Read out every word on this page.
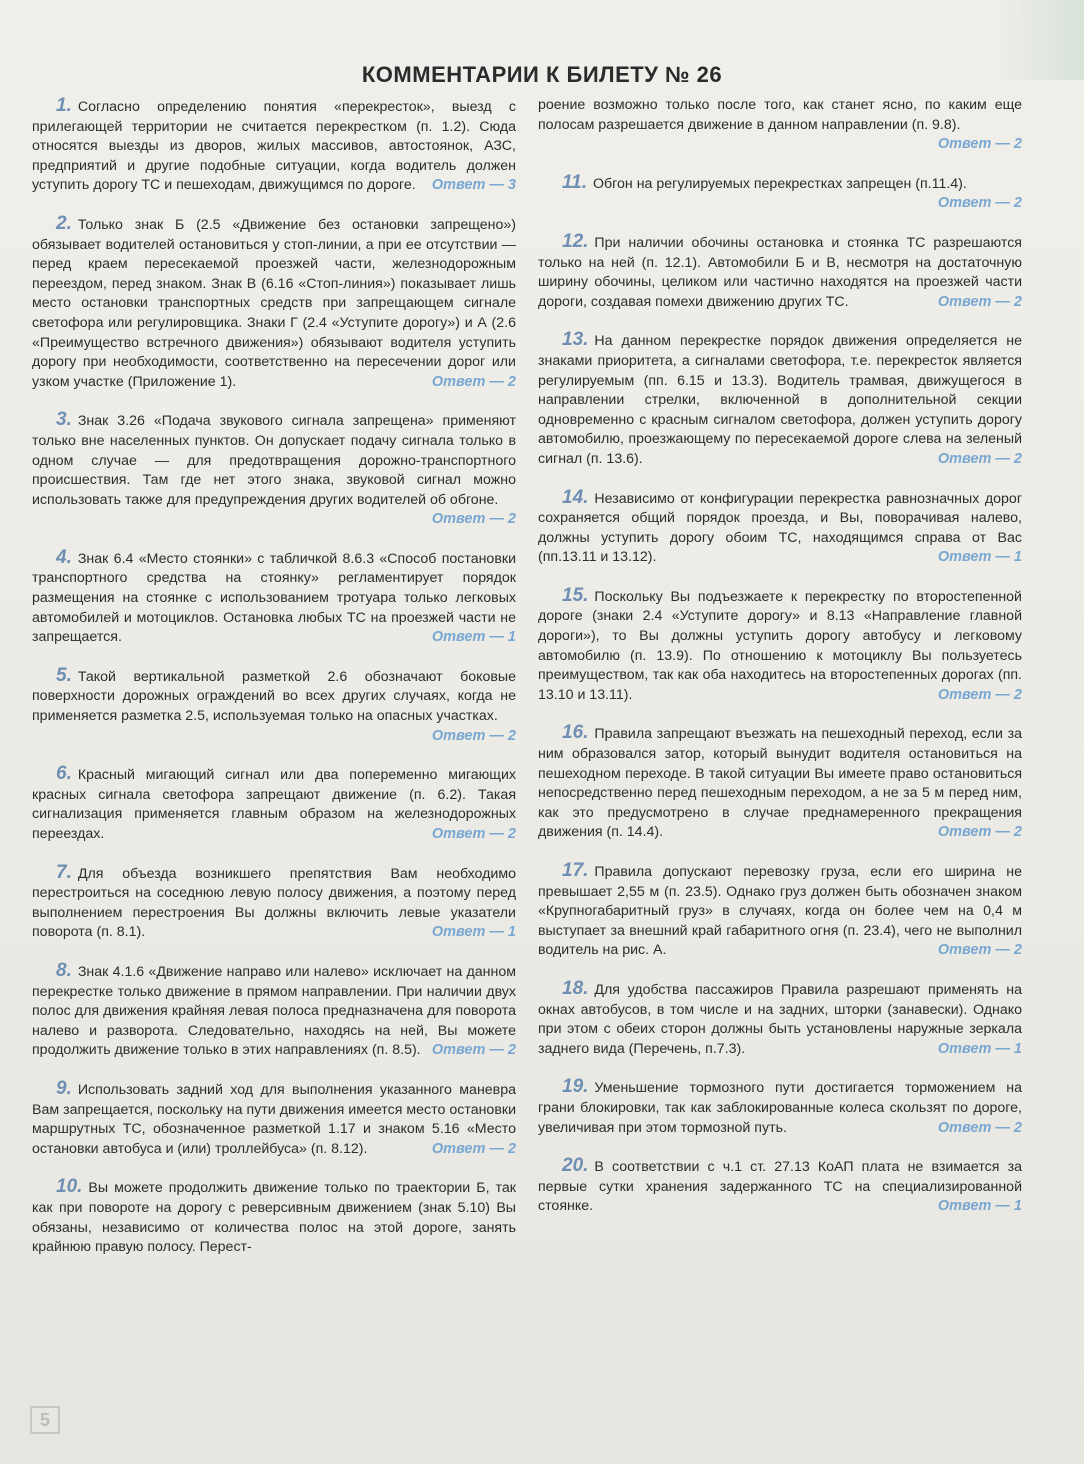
КОММЕНТАРИИ К БИЛЕТУ № 26
1. Согласно определению понятия «перекресток», выезд с прилегающей территории не считается перекрестком (п. 1.2). Сюда относятся выезды из дворов, жилых массивов, автостоянок, АЗС, предприятий и другие подобные ситуации, когда водитель должен уступить дорогу ТС и пешеходам, движущимся по дороге. Ответ — 3
2. Только знак Б (2.5 «Движение без остановки запрещено») обязывает водителей остановиться у стоп-линии, а при ее отсутствии — перед краем пересекаемой проезжей части, железнодорожным переездом, перед знаком. Знак В (6.16 «Стоп-линия») показывает лишь место остановки транспортных средств при запрещающем сигнале светофора или регулировщика. Знаки Г (2.4 «Уступите дорогу») и А (2.6 «Преимущество встречного движения») обязывают водителя уступить дорогу при необходимости, соответственно на пересечении дорог или узком участке (Приложение 1).	Ответ — 2
3. Знак 3.26 «Подача звукового сигнала запрещена» применяют только вне населенных пунктов. Он допускает подачу сигнала только в одном случае — для предотвращения дорожно-транспортного происшествия. Там где нет этого знака, звуковой сигнал можно использовать также для предупреждения других водителей об обгоне.
Ответ — 2
4. Знак 6.4 «Место стоянки» с табличкой 8.6.3 «Способ постановки транспортного средства на стоянку» регламентирует порядок размещения на стоянке с использованием тротуара только легковых автомобилей и мотоциклов. Остановка любых ТС на проезжей части не запрещается.	Ответ — 1
5. Такой вертикальной разметкой 2.6 обозначают боковые поверхности дорожных ограждений во всех других случаях, когда не применяется разметка 2.5, используемая только на опасных участках.
Ответ — 2
6. Красный мигающий сигнал или два попеременно мигающих красных сигнала светофора запрещают движение (п. 6.2). Такая сигнализация применяется главным образом на железнодорожных переездах.	Ответ — 2
7. Для объезда возникшего препятствия Вам необходимо перестроиться на соседнюю левую полосу движения, а поэтому перед выполнением перестроения Вы должны включить левые указатели поворота (п. 8.1).	Ответ — 1
8. Знак 4.1.6 «Движение направо или налево» исключает на данном перекрестке только движение в прямом направлении. При наличии двух полос для движения крайняя левая полоса предназначена для поворота налево и разворота. Следовательно, находясь на ней, Вы можете продолжить движение только в этих направлениях (п. 8.5). Ответ — 2
9. Использовать задний ход для выполнения указанного маневра Вам запрещается, поскольку на пути движения имеется место остановки маршрутных ТС, обозначенное разметкой 1.17 и знаком 5.16 «Место остановки автобуса и (или) троллейбуса» (п. 8.12).	Ответ — 2
10. Вы можете продолжить движение только по траектории Б, так как при повороте на дорогу с реверсивным движением (знак 5.10) Вы обязаны, независимо от количества полос на этой дороге, занять крайнюю правую полосу. Перест-
роение возможно только после того, как станет ясно, по каким еще полосам разрешается движение в данном направлении (п. 9.8).
Ответ — 2
11. Обгон на регулируемых перекрестках запрещен (п.11.4).
Ответ — 2
12. При наличии обочины остановка и стоянка ТС разрешаются только на ней (п. 12.1). Автомобили Б и В, несмотря на достаточную ширину обочины, целиком или частично находятся на проезжей части дороги, создавая помехи движению других ТС.	Ответ — 2
13. На данном перекрестке порядок движения определяется не знаками приоритета, а сигналами светофора, т.е. перекресток является регулируемым (пп. 6.15 и 13.3). Водитель трамвая, движущегося в направлении стрелки, включенной в дополнительной секции одновременно с красным сигналом светофора, должен уступить дорогу автомобилю, проезжающему по пересекаемой дороге слева на зеленый сигнал (п. 13.6).	Ответ — 2
14. Независимо от конфигурации перекрестка равнозначных дорог сохраняется общий порядок проезда, и Вы, поворачивая налево, должны уступить дорогу обоим ТС, находящимся справа от Вас (пп.13.11 и 13.12).	Ответ — 1
15. Поскольку Вы подъезжаете к перекрестку по второстепенной дороге (знаки 2.4 «Уступите дорогу» и 8.13 «Направление главной дороги»), то Вы должны уступить дорогу автобусу и легковому автомобилю (п. 13.9). По отношению к мотоциклу Вы пользуетесь преимуществом, так как оба находитесь на второстепенных дорогах (пп. 13.10 и 13.11).	Ответ — 2
16. Правила запрещают въезжать на пешеходный переход, если за ним образовался затор, который вынудит водителя остановиться на пешеходном переходе. В такой ситуации Вы имеете право остановиться непосредственно перед пешеходным переходом, а не за 5 м перед ним, как это предусмотрено в случае преднамеренного прекращения движения (п. 14.4).	Ответ — 2
17. Правила допускают перевозку груза, если его ширина не превышает 2,55 м (п. 23.5). Однако груз должен быть обозначен знаком «Крупногабаритный груз» в случаях, когда он более чем на 0,4 м выступает за внешний край габаритного огня (п. 23.4), чего не выполнил водитель на рис. А.	Ответ — 2
18. Для удобства пассажиров Правила разрешают применять на окнах автобусов, в том числе и на задних, шторки (занавески). Однако при этом с обеих сторон должны быть установлены наружные зеркала заднего вида (Перечень, п.7.3).	Ответ — 1
19. Уменьшение тормозного пути достигается торможением на грани блокировки, так как заблокированные колеса скользят по дороге, увеличивая при этом тормозной путь.	Ответ — 2
20. В соответствии с ч.1 ст. 27.13 КоАП плата не взимается за первые сутки хранения задержанного ТС на специализированной стоянке.	Ответ — 1
5
